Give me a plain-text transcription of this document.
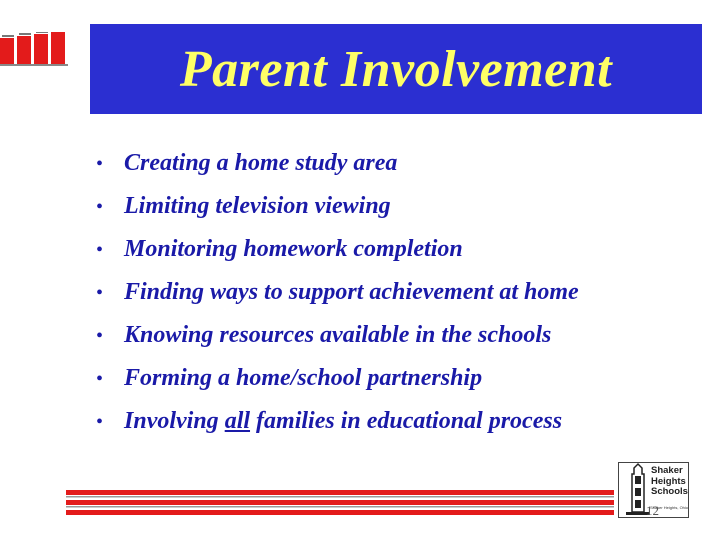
Parent Involvement
• Creating a home study area
• Limiting television viewing
• Monitoring homework completion
• Finding ways to support achievement at home
• Knowing resources available in the schools
• Forming a home/school partnership
• Involving all families in educational process

Shaker
Heights
Schools

Shaker Heights, Ohio
12
